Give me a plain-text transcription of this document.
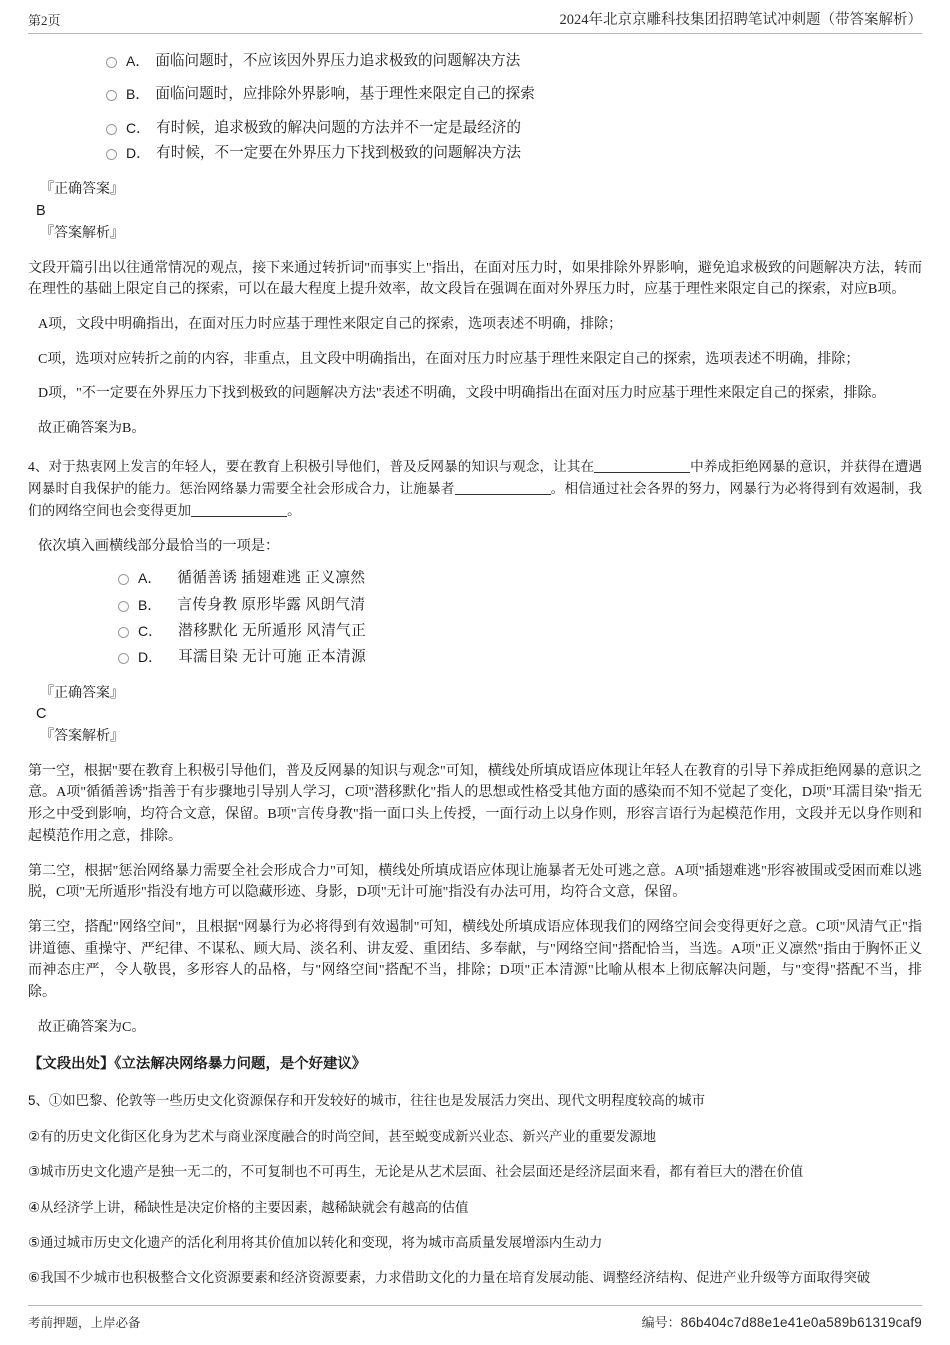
第2页	2024年北京京雕科技集团招聘笔试冲刺题（带答案解析）
A． 面临问题时，不应该因外界压力追求极致的问题解决方法
B． 面临问题时，应排除外界影响，基于理性来限定自己的探索
C． 有时候，追求极致的解决问题的方法并不一定是最经济的
D． 有时候，不一定要在外界压力下找到极致的问题解决方法

『正确答案』

B

『答案解析』

文段开篇引出以往通常情况的观点，接下来通过转折词"而事实上"指出，在面对压力时，如果排除外界影响，避免追求极致的问题解决方法，转而在理性的基础上限定自己的探索，可以在最大程度上提升效率，故文段旨在强调在面对外界压力时，应基于理性来限定自己的探索，对应B项。

A项，文段中明确指出，在面对压力时应基于理性来限定自己的探索，选项表述不明确，排除；

C项，选项对应转折之前的内容，非重点，且文段中明确指出，在面对压力时应基于理性来限定自己的探索，选项表述不明确，排除；

D项，"不一定要在外界压力下找到极致的问题解决方法"表述不明确，文段中明确指出在面对压力时应基于理性来限定自己的探索，排除。

故正确答案为B。

4、对于热衷网上发言的年轻人，要在教育上积极引导他们，普及反网暴的知识与观念，让其在	中养成拒绝网暴的意识，并获得在遭遇网暴时自我保护的能力。惩治网络暴力需要全社会形成合力，让施暴者	。相信通过社会各界的努力，网暴行为必将得到有效遏制，我们的网络空间也会变得更加	。

依次填入画横线部分最恰当的一项是：

A． 循循善诱 插翅难逃 正义凛然
B． 言传身教 原形毕露 风朗气清
C． 潜移默化 无所遁形 风清气正
D． 耳濡目染 无计可施 正本清源

『正确答案』

C

『答案解析』

第一空，根据"要在教育上积极引导他们，普及反网暴的知识与观念"可知，横线处所填成语应体现让年轻人在教育的引导下养成拒绝网暴的意识之意。A项"循循善诱"指善于有步骤地引导别人学习，C项"潜移默化"指人的思想或性格受其他方面的感染而不知不觉起了变化，D项"耳濡目染"指无形之中受到影响，均符合文意，保留。B项"言传身教"指一面口头上传授，一面行动上以身作则，形容言语行为起模范作用，文段并无以身作则和起模范作用之意，排除。

第二空，根据"惩治网络暴力需要全社会形成合力"可知，横线处所填成语应体现让施暴者无处可逃之意。A项"插翅难逃"形容被围或受困而难以逃脱，C项"无所遁形"指没有地方可以隐藏形迹、身影，D项"无计可施"指没有办法可用，均符合文意，保留。

第三空，搭配"网络空间"，且根据"网暴行为必将得到有效遏制"可知，横线处所填成语应体现我们的网络空间会变得更好之意。C项"风清气正"指讲道德、重操守、严纪律、不谋私、顾大局、淡名利、讲友爱、重团结、多奉献，与"网络空间"搭配恰当，当选。A项"正义凛然"指由于胸怀正义而神态庄严，令人敬畏，多形容人的品格，与"网络空间"搭配不当，排除；D项"正本清源"比喻从根本上彻底解决问题，与"变得"搭配不当，排除。

故正确答案为C。

【文段出处】《立法解决网络暴力问题，是个好建议》

5、①如巴黎、伦敦等一些历史文化资源保存和开发较好的城市，往往也是发展活力突出、现代文明程度较高的城市

②有的历史文化街区化身为艺术与商业深度融合的时尚空间，甚至蜕变成新兴业态、新兴产业的重要发源地

③城市历史文化遗产是独一无二的，不可复制也不可再生，无论是从艺术层面、社会层面还是经济层面来看，都有着巨大的潜在价值

④从经济学上讲，稀缺性是决定价格的主要因素，越稀缺就会有越高的估值

⑤通过城市历史文化遗产的活化利用将其价值加以转化和变现，将为城市高质量发展增添内生动力

⑥我国不少城市也积极整合文化资源要素和经济资源要素，力求借助文化的力量在培育发展动能、调整经济结构、促进产业升级等方面取得突破

考前押题，上岸必备	编号：86b404c7d88e1e41e0a589b61319caf9
